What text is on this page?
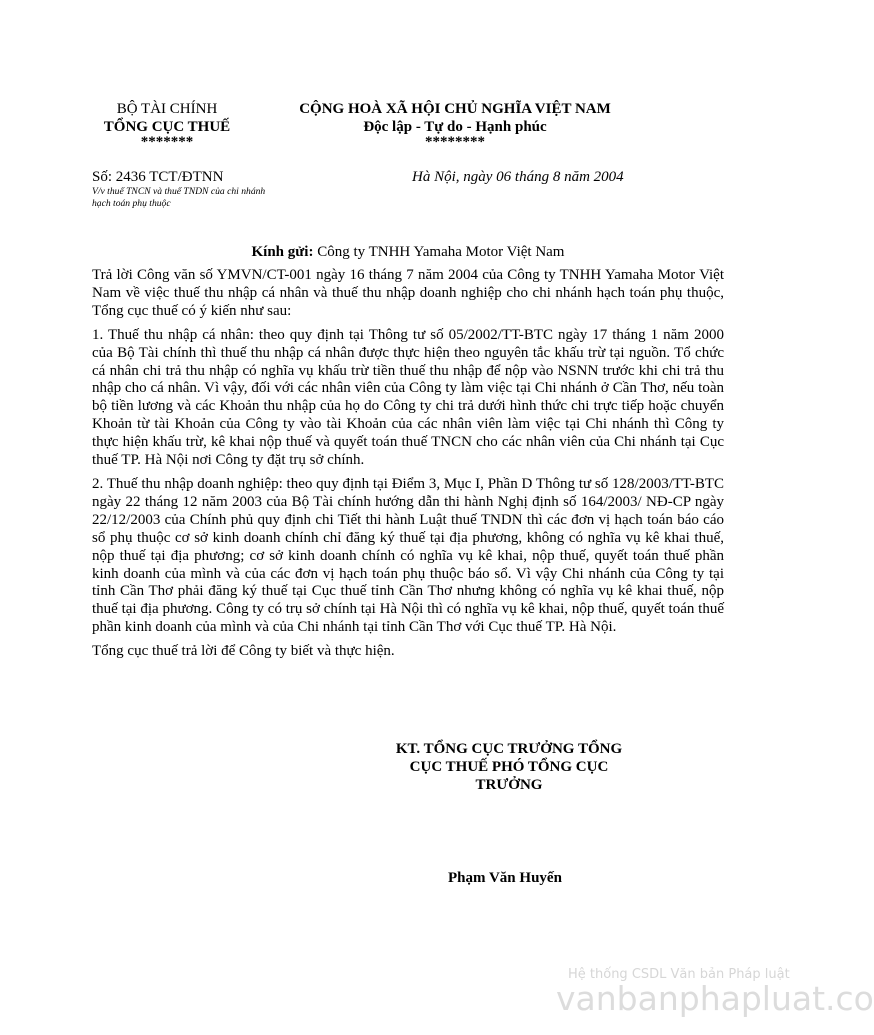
BỘ TÀI CHÍNH
TỔNG CỤC THUẾ
*******
CỘNG HOÀ XÃ HỘI CHỦ NGHĨA VIỆT NAM
Độc lập - Tự do - Hạnh phúc
********
Số: 2436 TCT/ĐTNN
V/v thuế TNCN và thuế TNDN của chi nhánh hạch toán phụ thuộc
Hà Nội, ngày 06 tháng 8 năm 2004
Kính gửi: Công ty TNHH Yamaha Motor Việt Nam

Trả lời Công văn số YMVN/CT-001 ngày 16 tháng 7 năm 2004 của Công ty TNHH Yamaha Motor Việt Nam về việc thuế thu nhập cá nhân và thuế thu nhập doanh nghiệp cho chi nhánh hạch toán phụ thuộc, Tổng cục thuế có ý kiến như sau:

1. Thuế thu nhập cá nhân: theo quy định tại Thông tư số 05/2002/TT-BTC ngày 17 tháng 1 năm 2000 của Bộ Tài chính thì thuế thu nhập cá nhân được thực hiện theo nguyên tắc khấu trừ tại nguồn. Tổ chức cá nhân chi trả thu nhập có nghĩa vụ khấu trừ tiền thuế thu nhập để nộp vào NSNN trước khi chi trả thu nhập cho cá nhân. Vì vậy, đối với các nhân viên của Công ty làm việc tại Chi nhánh ở Cần Thơ, nếu toàn bộ tiền lương và các Khoản thu nhập của họ do Công ty chi trả dưới hình thức chi trực tiếp hoặc chuyển Khoản từ tài Khoản của Công ty vào tài Khoản của các nhân viên làm việc tại Chi nhánh thì Công ty thực hiện khấu trừ, kê khai nộp thuế và quyết toán thuế TNCN cho các nhân viên của Chi nhánh tại Cục thuế TP. Hà Nội nơi Công ty đặt trụ sở chính.

2. Thuế thu nhập doanh nghiệp: theo quy định tại Điểm 3, Mục I, Phần D Thông tư số 128/2003/TT-BTC ngày 22 tháng 12 năm 2003 của Bộ Tài chính hướng dẫn thi hành Nghị định số 164/2003/ NĐ-CP ngày 22/12/2003 của Chính phủ quy định chi Tiết thi hành Luật thuế TNDN thì các đơn vị hạch toán báo cáo sổ phụ thuộc cơ sở kinh doanh chính chỉ đăng ký thuế tại địa phương, không có nghĩa vụ kê khai thuế, nộp thuế tại địa phương; cơ sở kinh doanh chính có nghĩa vụ kê khai, nộp thuế, quyết toán thuế phần kinh doanh của mình và của các đơn vị hạch toán phụ thuộc báo sổ. Vì vậy Chi nhánh của Công ty tại tỉnh Cần Thơ phải đăng ký thuế tại Cục thuế tỉnh Cần Thơ nhưng không có nghĩa vụ kê khai thuế, nộp thuế tại địa phương. Công ty có trụ sở chính tại Hà Nội thì có nghĩa vụ kê khai, nộp thuế, quyết toán thuế phần kinh doanh của mình và của Chi nhánh tại tỉnh Cần Thơ với Cục thuế TP. Hà Nội.

Tổng cục thuế trả lời để Công ty biết và thực hiện.

KT. TỔNG CỤC TRƯỞNG TỔNG
CỤC THUẾ PHÓ TỔNG CỤC
TRƯỞNG
Phạm Văn Huyến
Hệ thống CSDL Văn bản Pháp luật
vanbanphapluat.co
